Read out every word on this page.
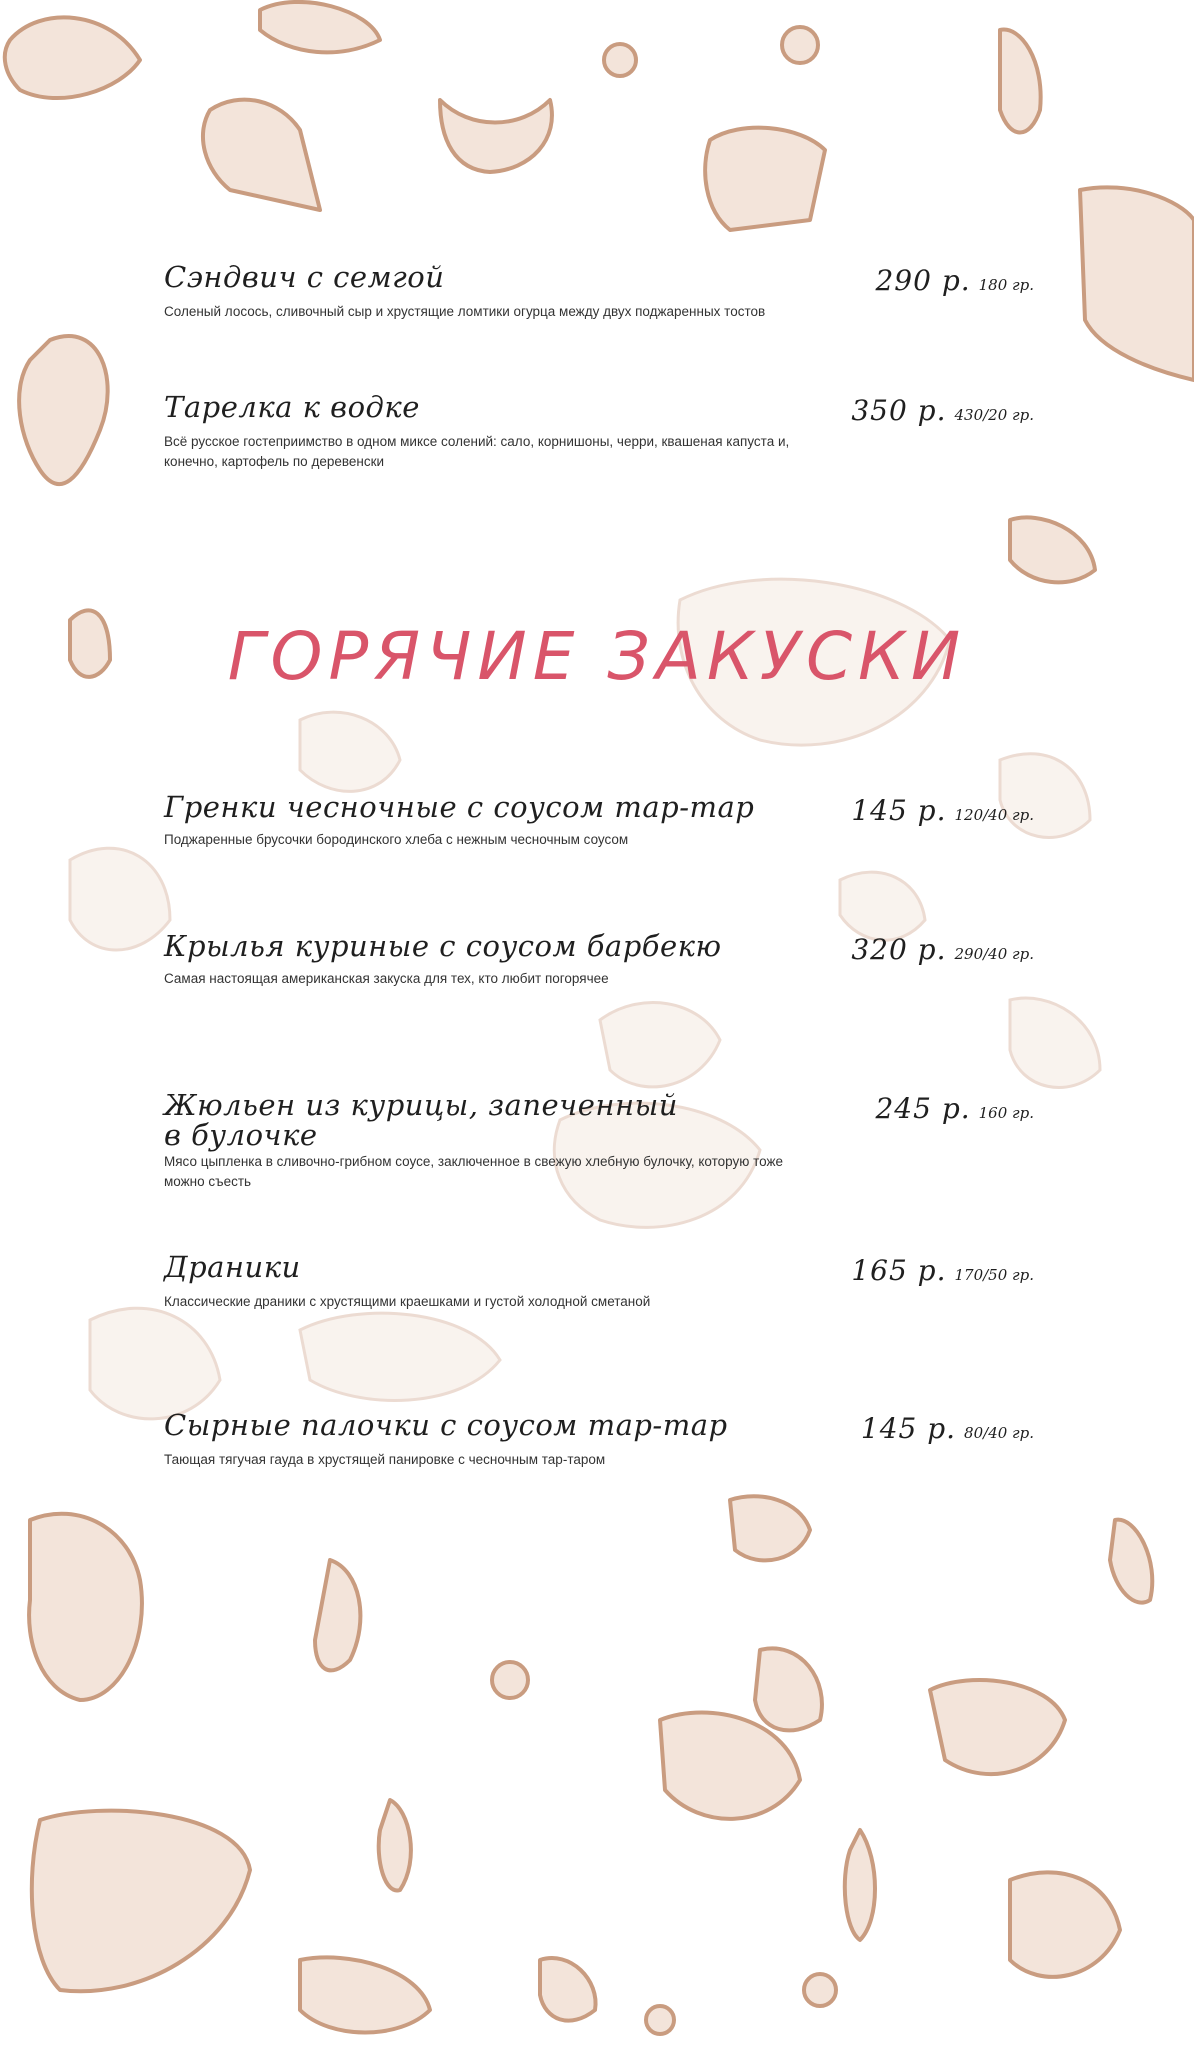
Сэндвич с семгой	290 р. 180 гр.
Соленый лосось, сливочный сыр и хрустящие ломтики огурца между двух поджаренных тостов
Тарелка к водке	350 р. 430/20 гр.
Всё русское гостеприимство в одном миксе солений: сало, корнишоны, черри, квашеная капуста и, конечно, картофель по деревенски
ГОРЯЧИЕ ЗАКУСКИ
Гренки чесночные с соусом тар-тар	145 р. 120/40 гр.
Поджаренные брусочки бородинского хлеба с нежным чесночным соусом
Крылья куриные с соусом барбекю	320 р. 290/40 гр.
Самая настоящая американская закуска для тех, кто любит погорячее
Жюльен из курицы, запеченный в булочке
245 р. 160 гр.
Мясо цыпленка в сливочно-грибном соусе, заключенное в свежую хлебную булочку, которую тоже можно съесть
Драники	165 р. 170/50 гр.
Классические драники с хрустящими краешками и густой холодной сметаной
Сырные палочки с соусом тар-тар	145 р. 80/40 гр.
Тающая тягучая гауда в хрустящей панировке с чесночным тар-таром
